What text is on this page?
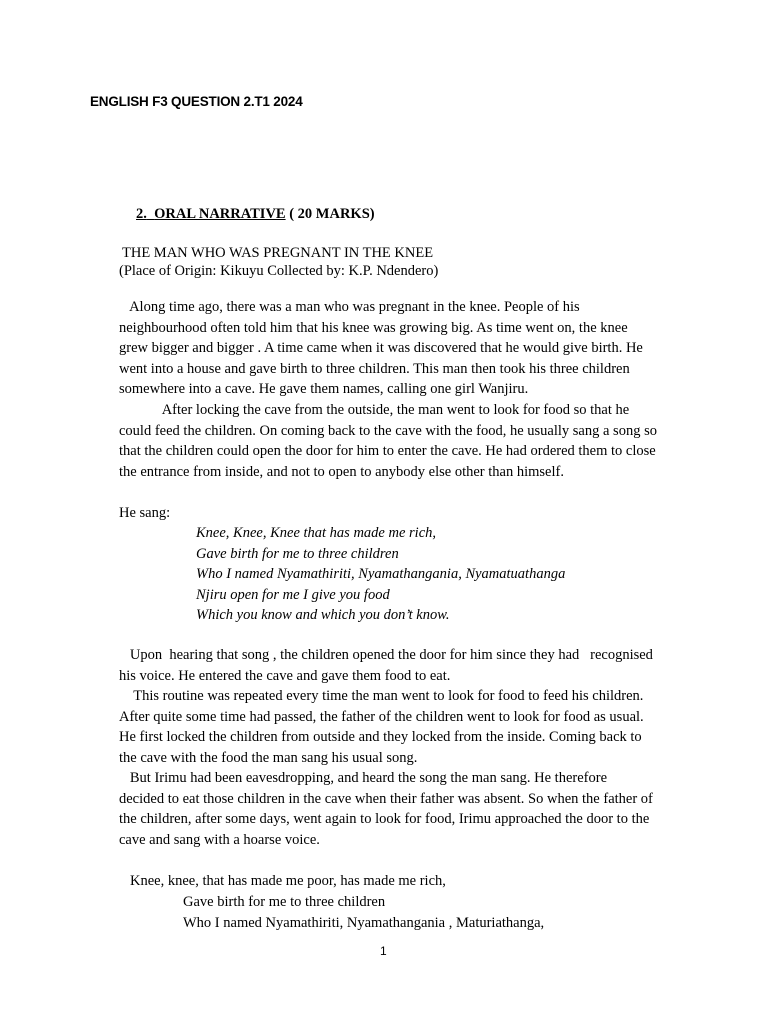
ENGLISH F3 QUESTION 2.T1 2024
2. ORAL NARRATIVE ( 20 MARKS)
THE MAN WHO WAS PREGNANT IN THE KNEE
(Place of Origin: Kikuyu Collected by: K.P. Ndendero)
Along time ago, there was a man who was pregnant in the knee. People of his
neighbourhood often told him that his knee was growing big. As time went on, the knee
grew bigger and bigger . A time came when it was discovered that he would give birth. He
went into a house and gave birth to three children. This man then took his three children
somewhere into a cave. He gave them names, calling one girl Wanjiru.
After locking the cave from the outside, the man went to look for food so that he
could feed the children. On coming back to the cave with the food, he usually sang a song so
that the children could open the door for him to enter the cave. He had ordered them to close
the entrance from inside, and not to open to anybody else other than himself.
He sang:
Knee, Knee, Knee that has made me rich,
Gave birth for me to three children
Who I named Nyamathiriti, Nyamathangania, Nyamatuathanga
Njiru open for me I give you food
Which you know and which you don’t know.
Upon  hearing that song , the children opened the door for him since they had   recognised
his voice. He entered the cave and gave them food to eat.
This routine was repeated every time the man went to look for food to feed his children.
After quite some time had passed, the father of the children went to look for food as usual.
He first locked the children from outside and they locked from the inside. Coming back to
the cave with the food the man sang his usual song.
But Irimu had been eavesdropping, and heard the song the man sang. He therefore
decided to eat those children in the cave when their father was absent. So when the father of
the children, after some days, went again to look for food, Irimu approached the door to the
cave and sang with a hoarse voice.
Knee, knee, that has made me poor, has made me rich,
Gave birth for me to three children
Who I named Nyamathiriti, Nyamathangania , Maturiathanga,
1
